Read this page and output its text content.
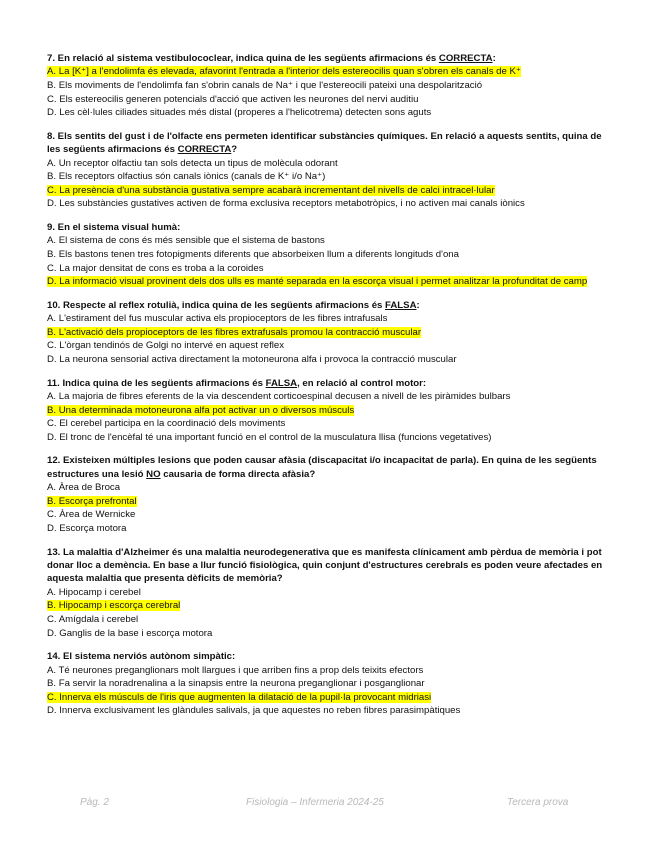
7. En relació al sistema vestibulococlear, indica quina de les següents afirmacions és CORRECTA:
A. La [K⁺] a l'endolimfa és elevada, afavorint l'entrada a l'interior dels estereocilis quan s'obren els canals de K⁺
B. Els moviments de l'endolimfa fan s'obrin canals de Na⁺ i que l'estereocili pateixi una despolarització
C. Els estereocilis generen potencials d'acció que activen les neurones del nervi auditiu
D. Les cèl·lules ciliades situades més distal (properes a l'helicotrema) detecten sons aguts
8. Els sentits del gust i de l'olfacte ens permeten identificar substàncies químiques. En relació a aquests sentits, quina de les següents afirmacions és CORRECTA?
A. Un receptor olfactiu tan sols detecta un tipus de molècula odorant
B. Els receptors olfactius són canals iònics (canals de K⁺ i/o Na⁺)
C. La presència d'una substància gustativa sempre acabarà incrementant del nivells de calci intracel·lular
D. Les substàncies gustatives activen de forma exclusiva receptors metabotròpics, i no activen mai canals iònics
9. En el sistema visual humà:
A. El sistema de cons és més sensible que el sistema de bastons
B. Els bastons tenen tres fotopigments diferents que absorbeixen llum a diferents longituds d'ona
C. La major densitat de cons es troba a la coroides
D. La informació visual provinent dels dos ulls es manté separada en la escorça visual i permet analitzar la profunditat de camp
10. Respecte al reflex rotulià, indica quina de les següents afirmacions és FALSA:
A. L'estirament del fus muscular activa els propioceptors de les fibres intrafusals
B. L'activació dels propioceptors de les fibres extrafusals promou la contracció muscular
C. L'òrgan tendinós de Golgi no intervé en aquest reflex
D. La neurona sensorial activa directament la motoneurona alfa i provoca la contracció muscular
11. Indica quina de les següents afirmacions és FALSA, en relació al control motor:
A. La majoria de fibres eferents de la via descendent corticoespinal decusen a nivell de les piràmides bulbars
B. Una determinada motoneurona alfa pot activar un o diversos músculs
C. El cerebel participa en la coordinació dels moviments
D. El tronc de l'encèfal té una important funció en el control de la musculatura llisa (funcions vegetatives)
12. Existeixen múltiples lesions que poden causar afàsia (discapacitat i/o incapacitat de parla). En quina de les següents estructures una lesió NO causaria de forma directa afàsia?
A. Àrea de Broca
B. Escorça prefrontal
C. Àrea de Wernicke
D. Escorça motora
13. La malaltia d'Alzheimer és una malaltia neurodegenerativa que es manifesta clínicament amb pèrdua de memòria i pot donar lloc a demència. En base a llur funció fisiològica, quin conjunt d'estructures cerebrals es poden veure afectades en aquesta malaltia que presenta dèficits de memòria?
A. Hipocamp i cerebel
B. Hipocamp i escorça cerebral
C. Amígdala i cerebel
D. Ganglis de la base i escorça motora
14. El sistema nerviós autònom simpàtic:
A. Té neurones preganglionars molt llargues i que arriben fins a prop dels teixits efectors
B. Fa servir la noradrenalina a la sinapsis entre la neurona preganglionar i posganglionar
C. Innerva els músculs de l'iris que augmenten la dilatació de la pupil·la provocant midriasi
D. Innerva exclusivament les glàndules salivals, ja que aquestes no reben fibres parasimpàtiques
Pàg. 2	Fisiologia – Infermeria 2024-25	Tercera prova
